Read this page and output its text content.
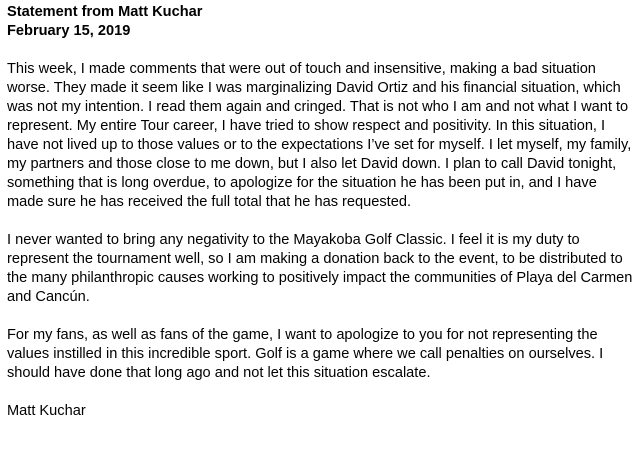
Statement from Matt Kuchar

February 15, 2019

This week, I made comments that were out of touch and insensitive, making a bad situation worse. They made it seem like I was marginalizing David Ortiz and his financial situation, which was not my intention. I read them again and cringed. That is not who I am and not what I want to represent. My entire Tour career, I have tried to show respect and positivity. In this situation, I have not lived up to those values or to the expectations I’ve set for myself. I let myself, my family, my partners and those close to me down, but I also let David down. I plan to call David tonight, something that is long overdue, to apologize for the situation he has been put in, and I have made sure he has received the full total that he has requested.

I never wanted to bring any negativity to the Mayakoba Golf Classic. I feel it is my duty to represent the tournament well, so I am making a donation back to the event, to be distributed to the many philanthropic causes working to positively impact the communities of Playa del Carmen and Cancún.

For my fans, as well as fans of the game, I want to apologize to you for not representing the values instilled in this incredible sport. Golf is a game where we call penalties on ourselves. I should have done that long ago and not let this situation escalate.

Matt Kuchar
